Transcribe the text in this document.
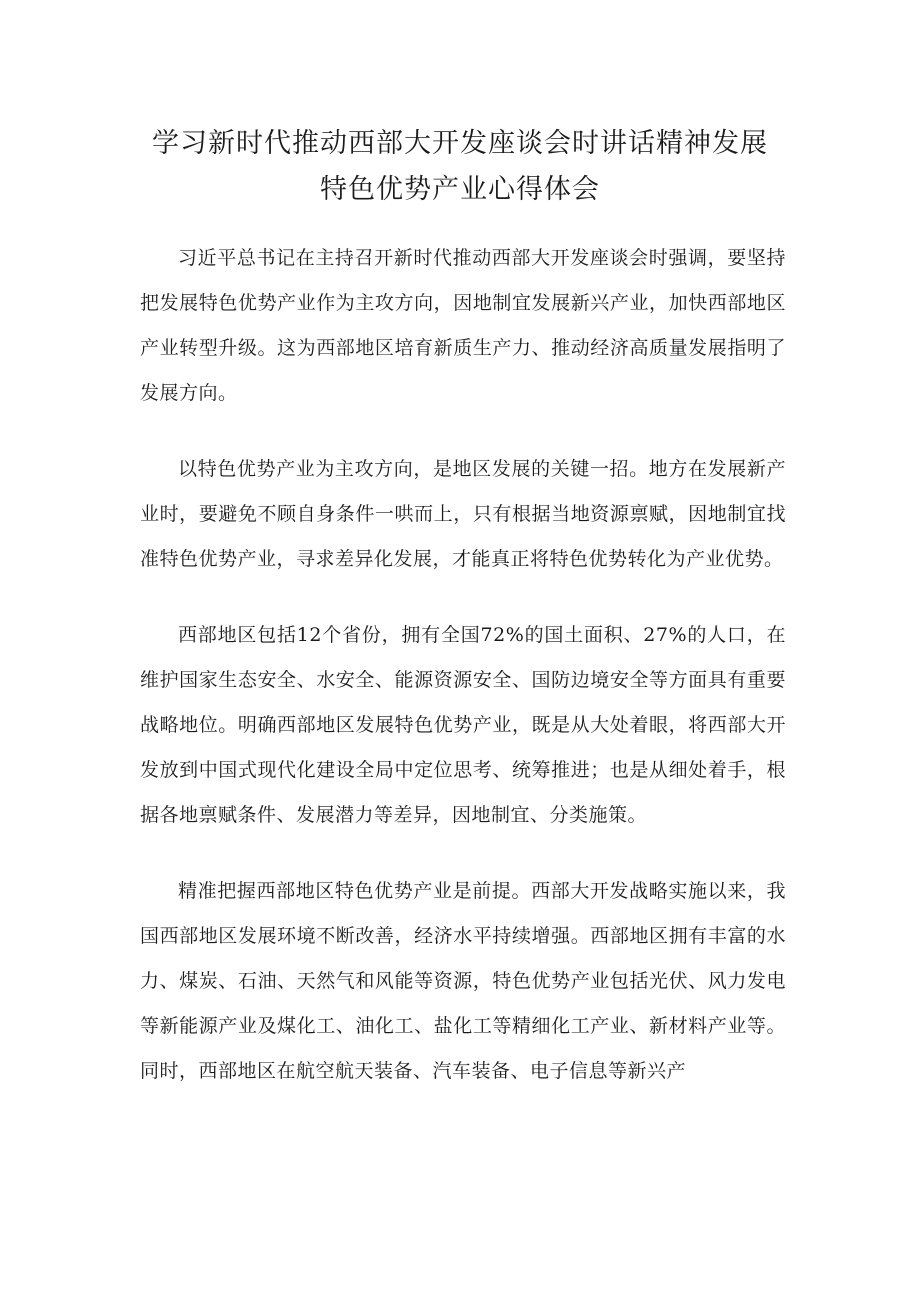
学习新时代推动西部大开发座谈会时讲话精神发展
特色优势产业心得体会

习近平总书记在主持召开新时代推动西部大开发座谈会时强调，要坚持把发展特色优势产业作为主攻方向，因地制宜发展新兴产业，加快西部地区产业转型升级。这为西部地区培育新质生产力、推动经济高质量发展指明了发展方向。

以特色优势产业为主攻方向，是地区发展的关键一招。地方在发展新产业时，要避免不顾自身条件一哄而上，只有根据当地资源禀赋，因地制宜找准特色优势产业，寻求差异化发展，才能真正将特色优势转化为产业优势。

西部地区包括12个省份，拥有全国72%的国土面积、27%的人口，在维护国家生态安全、水安全、能源资源安全、国防边境安全等方面具有重要战略地位。明确西部地区发展特色优势产业，既是从大处着眼，将西部大开发放到中国式现代化建设全局中定位思考、统筹推进；也是从细处着手，根据各地禀赋条件、发展潜力等差异，因地制宜、分类施策。

精准把握西部地区特色优势产业是前提。西部大开发战略实施以来，我国西部地区发展环境不断改善，经济水平持续增强。西部地区拥有丰富的水力、煤炭、石油、天然气和风能等资源，特色优势产业包括光伏、风力发电等新能源产业及煤化工、油化工、盐化工等精细化工产业、新材料产业等。同时，西部地区在航空航天装备、汽车装备、电子信息等新兴产
